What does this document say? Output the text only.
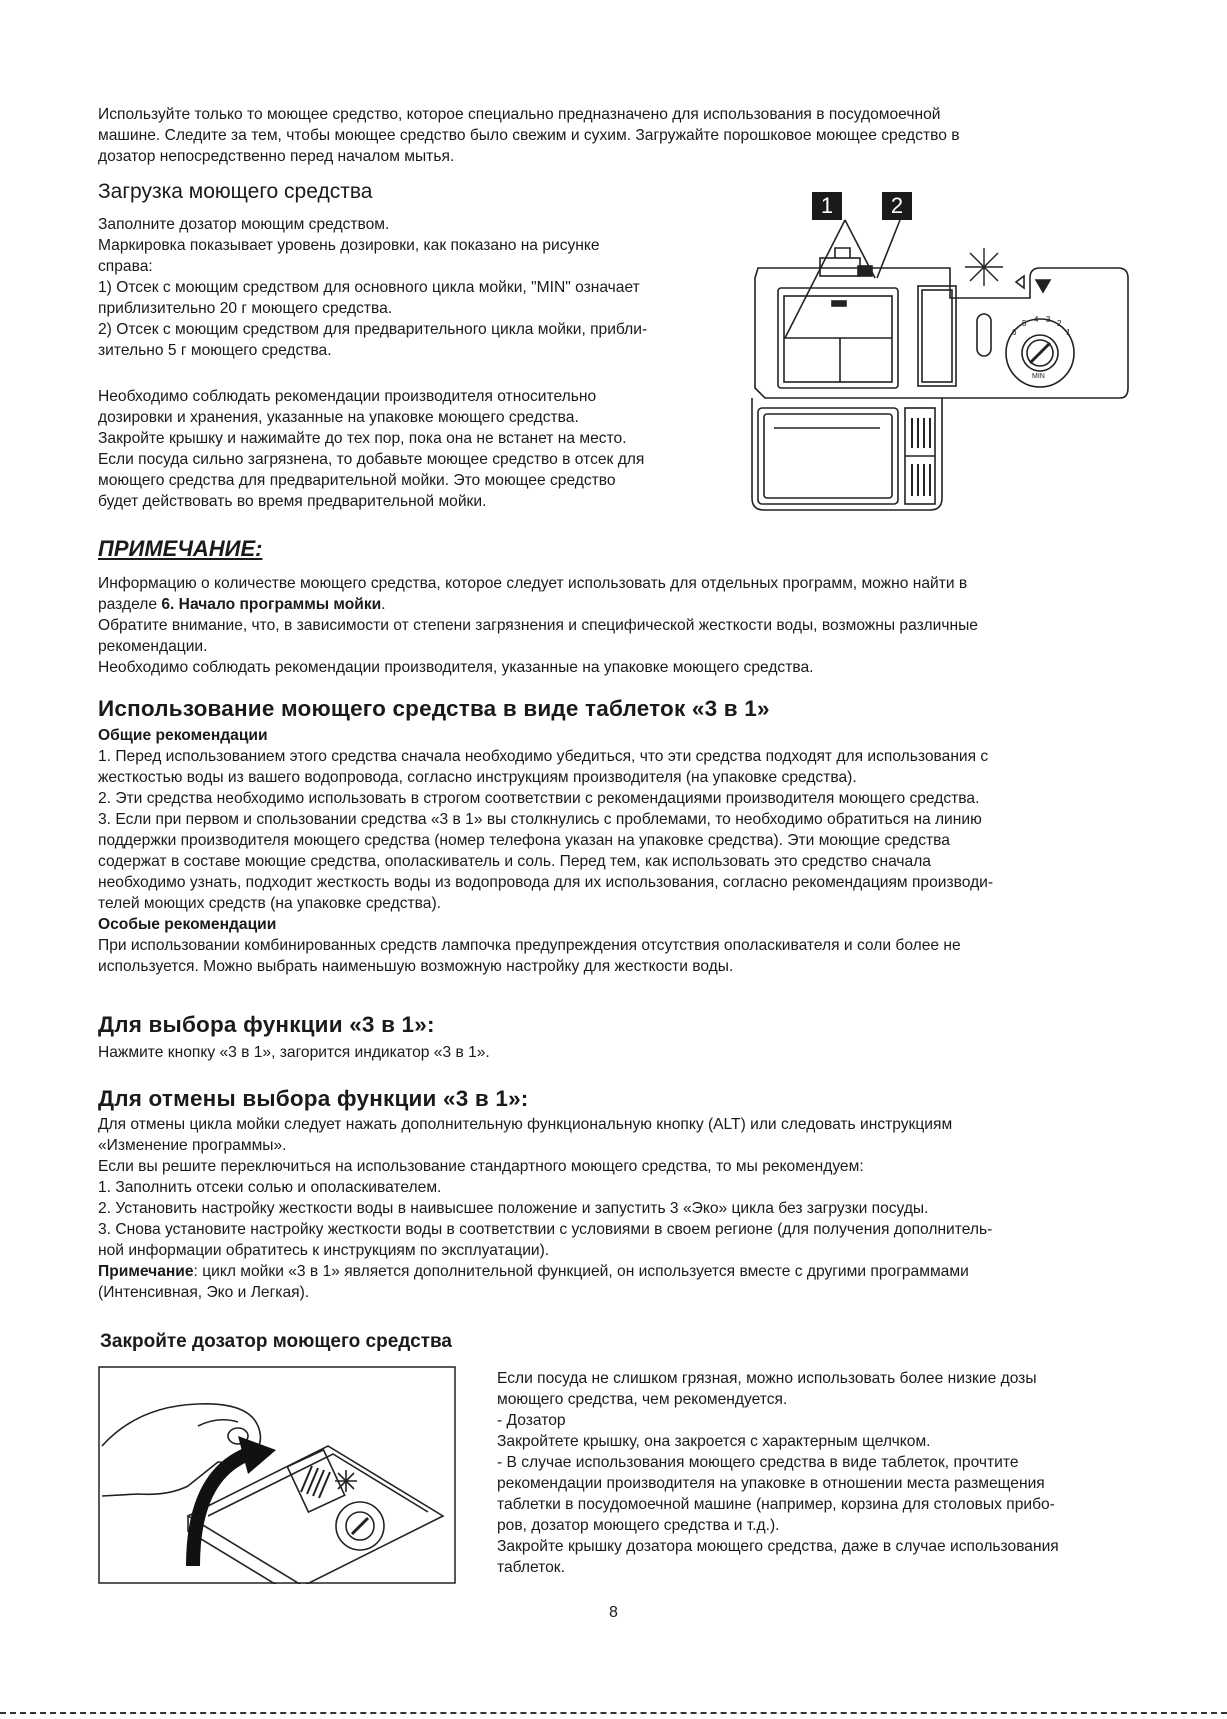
Используйте только то моющее средство, которое специально предназначено для использования в посудомоечной

машине. Следите за тем, чтобы моющее средство было свежим и сухим. Загружайте порошковое моющее средство в

дозатор непосредственно перед началом мытья.

Загрузка моющего средства

Заполните дозатор моющим средством.

Маркировка показывает уровень дозировки, как показано на рисунке

справа:

1) Отсек с моющим средством для основного цикла мойки, "MIN" означает

приблизительно 20 г моющего средства.

2) Отсек с моющим средством для предварительного цикла мойки, прибли-

зительно 5 г моющего средства.

Необходимо соблюдать рекомендации производителя относительно

дозировки и хранения, указанные на упаковке моющего средства.

Закройте крышку и нажимайте до тех пор, пока она не встанет на место.

Если посуда сильно загрязнена, то добавьте моющее средство в отсек для

моющего средства для предварительной мойки. Это моющее средство

будет действовать во время предварительной мойки.

1	2
MIN
6
5 4 3 2
1
ПРИМЕЧАНИЕ:

Информацию о количестве моющего средства, которое следует использовать для отдельных программ, можно найти в

разделе 6. Начало программы мойки.

Обратите внимание, что, в зависимости от степени загрязнения и специфической жесткости воды, возможны различные

рекомендации.

Необходимо соблюдать рекомендации производителя, указанные на упаковке моющего средства.

Использование моющего средства в виде таблеток «3 в 1»

Общие рекомендации

1. Перед использованием этого средства сначала необходимо убедиться, что эти средства подходят для использования с

жесткостью воды из вашего водопровода, согласно инструкциям производителя (на упаковке средства).

2. Эти средства необходимо использовать в строгом соответствии с рекомендациями производителя моющего средства.

3. Если при первом и спользовании средства «3 в 1» вы столкнулись с проблемами, то необходимо обратиться на линию

поддержки производителя моющего средства (номер телефона указан на упаковке средства). Эти моющие средства

содержат в составе моющие средства, ополаскиватель и соль. Перед тем, как использовать это средство сначала

необходимо узнать, подходит жесткость воды из водопровода для их использования, согласно рекомендациям производи-

телей моющих средств (на упаковке средства).

Особые рекомендации

При использовании комбинированных средств лампочка предупреждения отсутствия ополаскивателя и соли более не

используется. Можно выбрать наименьшую возможную настройку для жесткости воды.

Для выбора функции «3 в 1»:

Нажмите кнопку «3 в 1», загорится индикатор «3 в 1».

Для отмены выбора функции «3 в 1»:

Для отмены цикла мойки следует нажать дополнительную функциональную кнопку (ALT) или следовать инструкциям

«Изменение программы».

Если вы решите переключиться на использование стандартного моющего средства, то мы рекомендуем:

1. Заполнить отсеки солью и ополаскивателем.

2. Установить настройку жесткости воды в наивысшее положение и запустить 3 «Эко» цикла без загрузки посуды.

3. Снова установите настройку жесткости воды в соответствии с условиями в своем регионе (для получения дополнитель-

ной информации обратитесь к инструкциям по эксплуатации).

Примечание: цикл мойки «3 в 1» является дополнительной функцией, он используется вместе с другими программами

(Интенсивная, Эко и Легкая).

Закройте дозатор моющего средства

Если посуда не слишком грязная, можно использовать более низкие дозы

моющего средства, чем рекомендуется.

- Дозатор

Закройтете крышку, она закроется с характерным щелчком.

- В случае использования моющего средства в виде таблеток, прочтите

рекомендации производителя на упаковке в отношении места размещения

таблетки в посудомоечной машине (например, корзина для столовых прибо-

ров, дозатор моющего средства и т.д.).

Закройте крышку дозатора моющего средства, даже в случае использования

таблеток.

8
